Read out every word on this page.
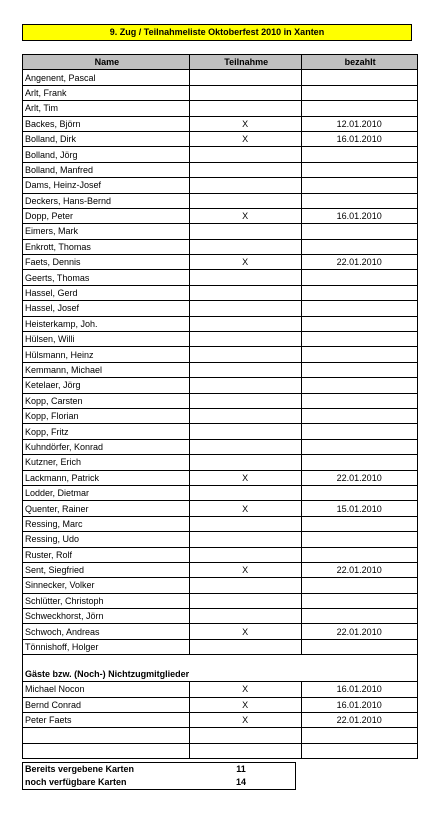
9. Zug / Teilnahmeliste Oktoberfest 2010 in Xanten
Name	Teilnahme	bezahlt
Angenent, Pascal		
Arlt, Frank		
Arlt, Tim		
Backes, Björn	X	12.01.2010
Bolland, Dirk	X	16.01.2010
Bolland, Jörg		
Bolland, Manfred		
Dams, Heinz-Josef		
Deckers, Hans-Bernd		
Dopp, Peter	X	16.01.2010
Eimers, Mark		
Enkrott, Thomas		
Faets, Dennis	X	22.01.2010
Geerts, Thomas		
Hassel, Gerd		
Hassel, Josef		
Heisterkamp, Joh.		
Hülsen, Willi		
Hülsmann, Heinz		
Kemmann, Michael		
Ketelaer, Jörg		
Kopp, Carsten		
Kopp, Florian		
Kopp, Fritz		
Kuhndörfer, Konrad		
Kutzner, Erich		
Lackmann, Patrick	X	22.01.2010
Lodder, Dietmar		
Quenter, Rainer	X	15.01.2010
Ressing, Marc		
Ressing, Udo		
Ruster, Rolf		
Sent, Siegfried	X	22.01.2010
Sinnecker, Volker		
Schlütter, Christoph		
Schweckhorst, Jörn		
Schwoch, Andreas	X	22.01.2010
Tönnishoff, Holger		
Gäste bzw. (Noch-) Nichtzugmitglieder		
Michael Nocon	X	16.01.2010
Bernd Conrad	X	16.01.2010
Peter Faets	X	22.01.2010

Bereits vergebene Karten	11
noch verfügbare Karten	14
